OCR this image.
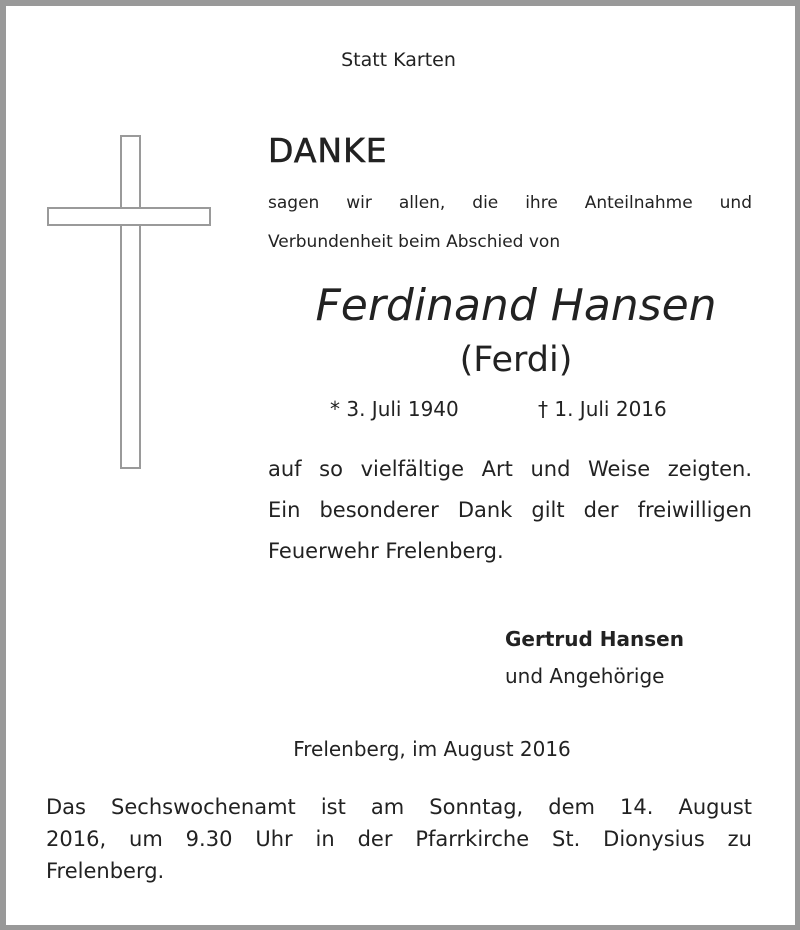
Statt Karten
DANKE
sagen wir allen, die ihre Anteilnahme und
Verbundenheit beim Abschied von
Ferdinand Hansen
(Ferdi)
* 3. Juli 1940	† 1. Juli 2016
auf so vielfältige Art und Weise zeigten.
Ein besonderer Dank gilt der freiwilligen
Feuerwehr Frelenberg.
Gertrud Hansen
und Angehörige
Frelenberg, im August 2016
Das Sechswochenamt ist am Sonntag, dem 14. August
2016, um 9.30 Uhr in der Pfarrkirche St. Dionysius zu
Frelenberg.
